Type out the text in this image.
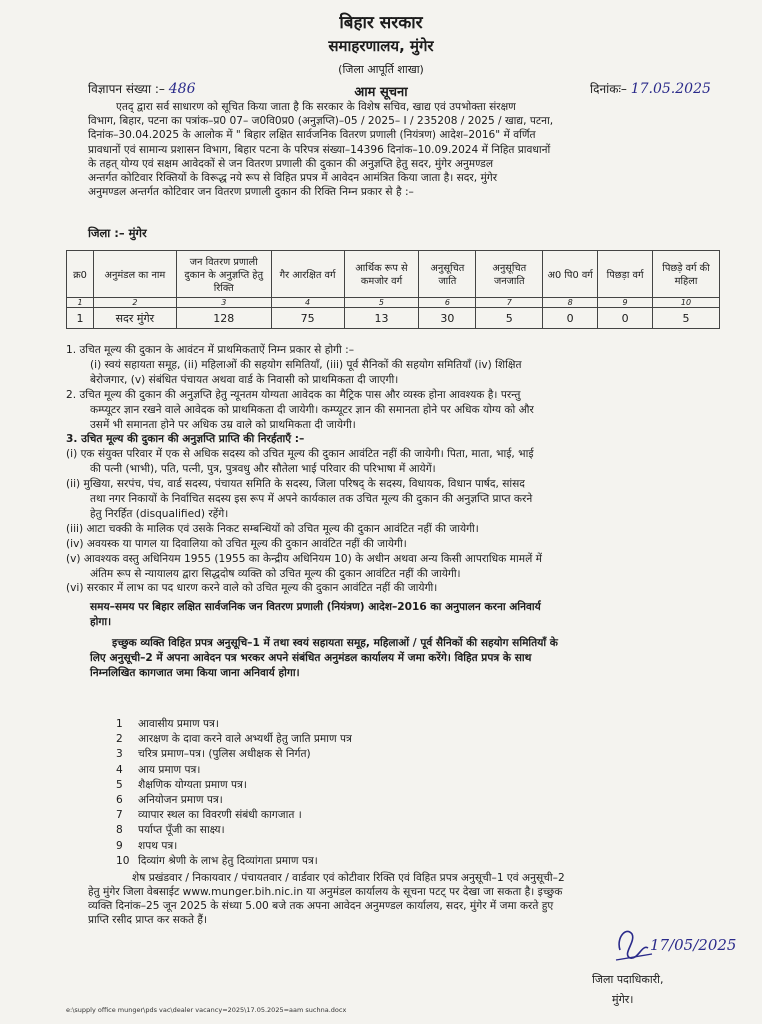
बिहार सरकार
समाहरणालय, मुंगेर
(जिला आपूर्ति शाखा)
विज्ञापन संख्या :– 486	आम सूचना	दिनांकः– 17.05.2025
एतद् द्वारा सर्व साधारण को सूचित किया जाता है कि सरकार के विशेष सचिव, खाद्य एवं उपभोक्ता संरक्षण
विभाग, बिहार, पटना का पत्रांक–प्र0 07– ज0वि0प्र0 (अनुज्ञप्ति)–05 / 2025– I / 235208 / 2025 / खाद्य, पटना,
दिनांक–30.04.2025 के आलोक में " बिहार लक्षित सार्वजनिक वितरण प्रणाली (नियंत्रण) आदेश–2016" में वर्णित
प्रावधानों एवं सामान्य प्रशासन विभाग, बिहार पटना के परिपत्र संख्या–14396 दिनांक–10.09.2024 में निहित प्रावधानों
के तहत् योग्य एवं सक्षम आवेदकों से जन वितरण प्रणाली की दुकान की अनुज्ञप्ति हेतु सदर, मुंगेर अनुमण्डल
अन्तर्गत कोटिवार रिक्तियों के विरूद्ध नये रूप से विहित प्रपत्र में आवेदन आमंत्रित किया जाता है। सदर, मुंगेर
अनुमण्डल अन्तर्गत कोटिवार जन वितरण प्रणाली दुकान की रिक्ति निम्न प्रकार से है :–
जिला :– मुंगेर
क्र0	अनुमंडल का नाम	जन वितरण प्रणाली दुकान के अनुज्ञप्ति हेतु रिक्ति	गैर आरक्षित वर्ग	आर्थिक रूप से कमजोर वर्ग	अनुसूचित जाति	अनुसूचित जनजाति	अ0 पि0 वर्ग	पिछड़ा वर्ग	पिछड़े वर्ग की महिला
1	2	3	4	5	6	7	8	9	10
1	सदर मुंगेर	128	75	13	30	5	0	0	5
1. उचित मूल्य की दुकान के आवंटन में प्राथमिकताऐं निम्न प्रकार से होगी :–
(i) स्वयं सहायता समूह, (ii) महिलाओं की सहयोग समितियाँ, (iii) पूर्व सैनिकों की सहयोग समितियाँ (iv) शिक्षित
बेरोजगार, (v) संबंधित पंचायत अथवा वार्ड के निवासी को प्राथमिकता दी जाएगी।
2. उचित मूल्य की दुकान की अनुज्ञप्ति हेतु न्यूनतम योग्यता आवेदक का मैट्रिक पास और व्यस्क होना आवश्यक है। परन्तु
कम्प्यूटर ज्ञान रखने वाले आवेदक को प्राथमिकता दी जायेगी। कम्प्यूटर ज्ञान की समानता होने पर अधिक योग्य को और
उसमें भी समानता होने पर अधिक उम्र वाले को प्राथमिकता दी जायेगी।
3. उचित मूल्य की दुकान की अनुज्ञप्ति प्राप्ति की निरर्हताएँ :–
(i) एक संयुक्त परिवार में एक से अधिक सदस्य को उचित मूल्य की दुकान आवंटित नहीं की जायेगी। पिता, माता, भाई, भाई
की पत्नी (भाभी), पति, पत्नी, पुत्र, पुत्रवधु और सौतेला भाई परिवार की परिभाषा में आयेगें।
(ii) मुखिया, सरपंच, पंच, वार्ड सदस्य, पंचायत समिति के सदस्य, जिला परिषद् के सदस्य, विधायक, विधान पार्षद, सांसद
तथा नगर निकायों के निर्वाचित सदस्य इस रूप में अपने कार्यकाल तक उचित मूल्य की दुकान की अनुज्ञप्ति प्राप्त करने
हेतु निरर्हित (disqualified) रहेंगे।
(iii) आटा चक्की के मालिक एवं उसके निकट सम्बन्धियों को उचित मूल्य की दुकान आवंटित नहीं की जायेगी।
(iv) अवयस्क या पागल या दिवालिया को उचित मूल्य की दुकान आवंटित नहीं की जायेगी।
(v) आवश्यक वस्तु अधिनियम 1955 (1955 का केन्द्रीय अधिनियम 10) के अधीन अथवा अन्य किसी आपराधिक मामलें में
अंतिम रूप से न्यायालय द्वारा सिद्धदोष व्यक्ति को उचित मूल्य की दुकान आवंटित नहीं की जायेगी।
(vi) सरकार में लाभ का पद धारण करने वाले को उचित मूल्य की दुकान आवंटित नहीं की जायेगी।
समय–समय पर बिहार लक्षित सार्वजनिक जन वितरण प्रणाली (नियंत्रण) आदेश–2016 का अनुपालन करना अनिवार्य
होगा।
इच्छुक व्यक्ति विहित प्रपत्र अनुसूचि–1 में तथा स्वयं सहायता समूह, महिलाओं / पूर्व सैनिकों की सहयोग समितियाँ के
लिए अनुसूची–2 में अपना आवेदन पत्र भरकर अपने संबंधित अनुमंडल कार्यालय में जमा करेंगे। विहित प्रपत्र के साथ
निम्नलिखित कागजात जमा किया जाना अनिवार्य होगा।
1 आवासीय प्रमाण पत्र।
2 आरक्षण के दावा करने वाले अभ्यर्थी हेतु जाति प्रमाण पत्र
3 चरित्र प्रमाण–पत्र। (पुलिस अधीक्षक से निर्गत)
4 आय प्रमाण पत्र।
5 शैक्षणिक योग्यता प्रमाण पत्र।
6 अनियोजन प्रमाण पत्र।
7 व्यापार स्थल का विवरणी संबंधी कागजात ।
8 पर्याप्त पूँजी का साक्ष्य।
9 शपथ पत्र।
10 दिव्यांग श्रेणी के लाभ हेतु दिव्यांगता प्रमाण पत्र।
शेष प्रखंडवार / निकायवार / पंचायतवार / वार्डवार एवं कोटीवार रिक्ति एवं विहित प्रपत्र अनुसूची–1 एवं अनुसूची–2
हेतु मुंगेर जिला वेबसाईट www.munger.bih.nic.in या अनुमंडल कार्यालय के सूचना पटट् पर देखा जा सकता है। इच्छुक
व्यक्ति दिनांक–25 जून 2025 के संध्या 5.00 बजे तक अपना आवेदन अनुमण्डल कार्यालय, सदर, मुंगेर में जमा करते हुए
प्राप्ति रसीद प्राप्त कर सकते हैं।
17/05/2025
जिला पदाधिकारी,
मुंगेर।
e:\supply office munger\pds vac\dealer vacancy=2025\17.05.2025=aam suchna.docx
